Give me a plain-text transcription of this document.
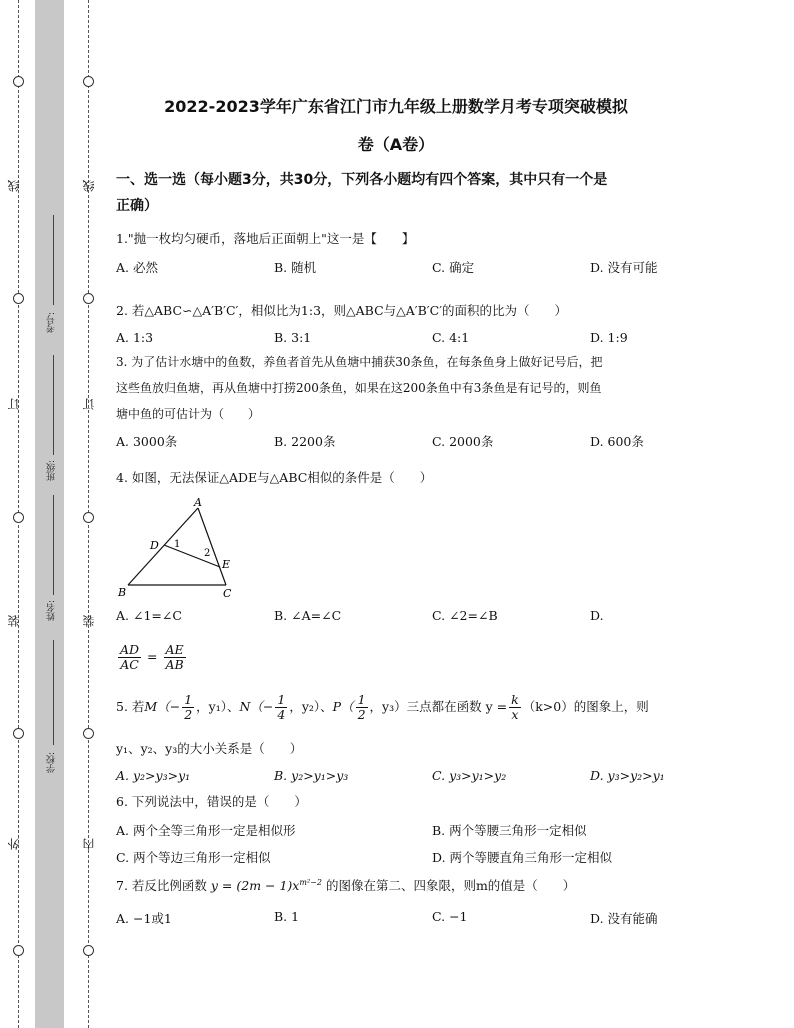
线
订
装
外
线
订
装
内
考号:
班级:
姓名:
学校:
2022-2023学年广东省江门市九年级上册数学月考专项突破模拟
卷（A卷）
一、选一选（每小题3分，共30分，下列各小题均有四个答案，其中只有一个是
正确）
1."抛一枚均匀硬币，落地后正面朝上"这一是【　　】
A. 必然	B. 随机	C. 确定	D. 没有可能
2. 若△ABC∽△A′B′C′，相似比为1:3，则△ABC与△A′B′C′的面积的比为（　　）
A. 1:3	B. 3:1	C. 4:1	D. 1:9
3. 为了估计水塘中的鱼数，养鱼者首先从鱼塘中捕获30条鱼，在每条鱼身上做好记号后，把
这些鱼放归鱼塘，再从鱼塘中打捞200条鱼，如果在这200条鱼中有3条鱼是有记号的，则鱼
塘中鱼的可估计为（　　）
A. 3000条	B. 2200条	C. 2000条	D. 600条
4. 如图，无法保证△ADE与△ABC相似的条件是（　　）
A
B	C
D
E
1
2
A. ∠1=∠C	B. ∠A=∠C	C. ∠2=∠B	D.
$\frac{AD}{AC} = \frac{AE}{AB}$
5. 若$M(- \frac{1}{2}$ ，y₁）、$N(- \frac{1}{4}$ ，y₂）、$P( \frac{1}{2}$ ，y₃）三点都在函数 $y = \frac{k}{x} (k>0)$的图象上，则
y₁、y₂、y₃的大小关系是（　　）
A. y₂>y₃>y₁	B. y₂>y₁>y₃	C. y₃>y₁>y₂	D. y₃>y₂>y₁
6. 下列说法中，错误的是（　　）
A. 两个全等三角形一定是相似形	B. 两个等腰三角形一定相似
C. 两个等边三角形一定相似	D. 两个等腰直角三角形一定相似
7. 若反比例函数 $y = (2m - 1)x^{m^2-2}$ 的图像在第二、四象限，则m的值是（　　）
A. −1或1	B. 1	C. −1	D. 没有能确
